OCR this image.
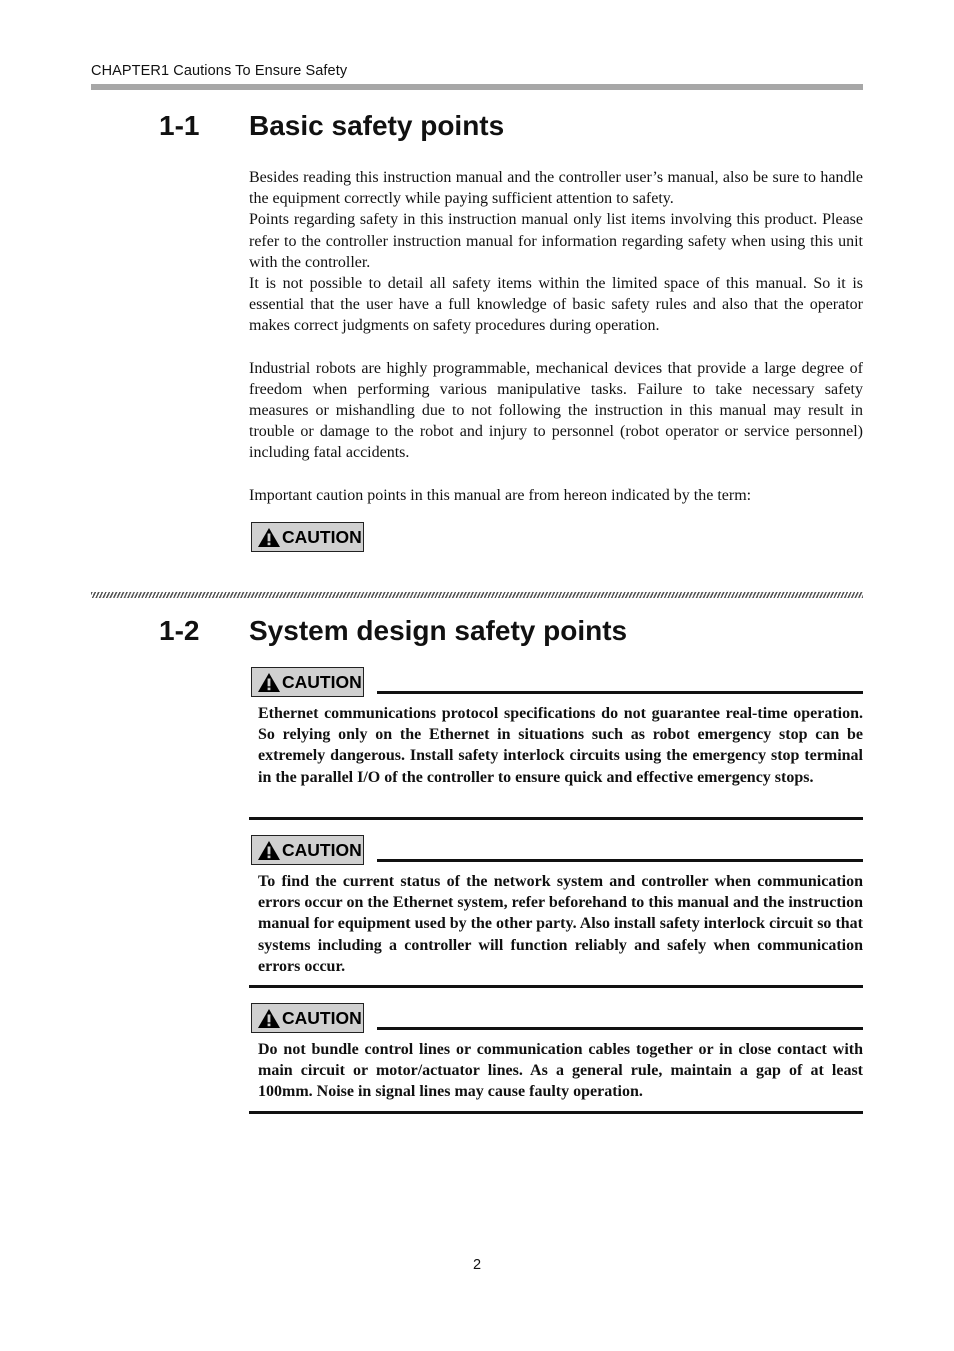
CHAPTER1 Cautions To Ensure Safety
1-1 Basic safety points

Besides reading this instruction manual and the controller user’s manual, also be sure to handle the equipment correctly while paying sufficient attention to safety.

Points regarding safety in this instruction manual only list items involving this product. Please refer to the controller instruction manual for information regarding safety when using this unit with the controller.

It is not possible to detail all safety items within the limited space of this manual. So it is essential that the user have a full knowledge of basic safety rules and also that the operator makes correct judgments on safety procedures during operation.

Industrial robots are highly programmable, mechanical devices that provide a large degree of freedom when performing various manipulative tasks. Failure to take necessary safety measures or mishandling due to not following the instruction in this manual may result in trouble or damage to the robot and injury to personnel (robot operator or service personnel) including fatal accidents.

Important caution points in this manual are from hereon indicated by the term:

CAUTION
1-2 System design safety points
CAUTION
Ethernet communications protocol specifications do not guarantee real-time operation. So relying only on the Ethernet in situations such as robot emergency stop can be extremely dangerous. Install safety interlock circuits using the emergency stop terminal in the parallel I/O of the controller to ensure quick and effective emergency stops.
CAUTION
To find the current status of the network system and controller when communication errors occur on the Ethernet system, refer beforehand to this manual and the instruction manual for equipment used by the other party. Also install safety interlock circuit so that systems including a controller will function reliably and safely when communication errors occur.
CAUTION
Do not bundle control lines or communication cables together or in close contact with main circuit or motor/actuator lines. As a general rule, maintain a gap of at least 100mm. Noise in signal lines may cause faulty operation.
2
